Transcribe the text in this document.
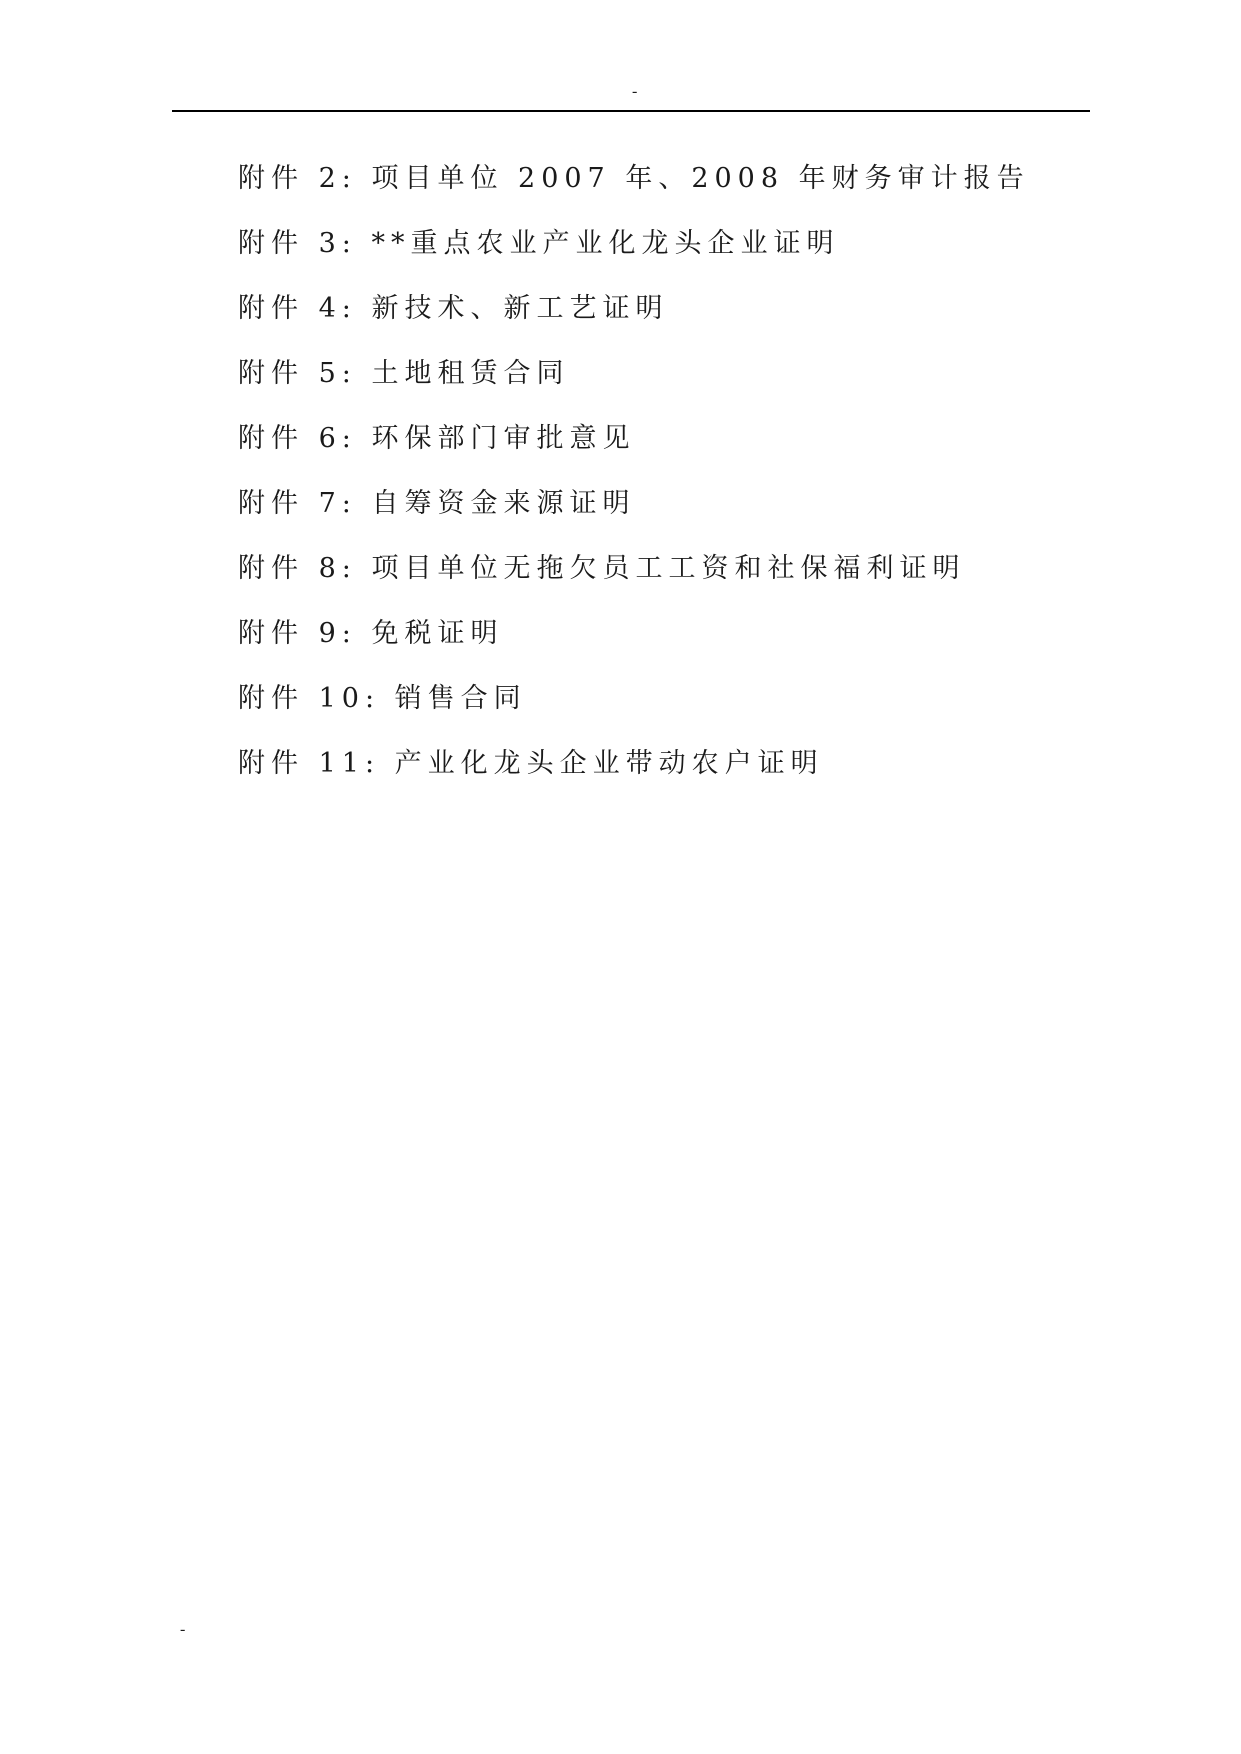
-
附件 2: 项目单位 2007 年、2008 年财务审计报告
附件 3: **重点农业产业化龙头企业证明
附件 4: 新技术、新工艺证明
附件 5: 土地租赁合同
附件 6: 环保部门审批意见
附件 7: 自筹资金来源证明
附件 8: 项目单位无拖欠员工工资和社保福利证明
附件 9: 免税证明
附件 10: 销售合同
附件 11: 产业化龙头企业带动农户证明
-
